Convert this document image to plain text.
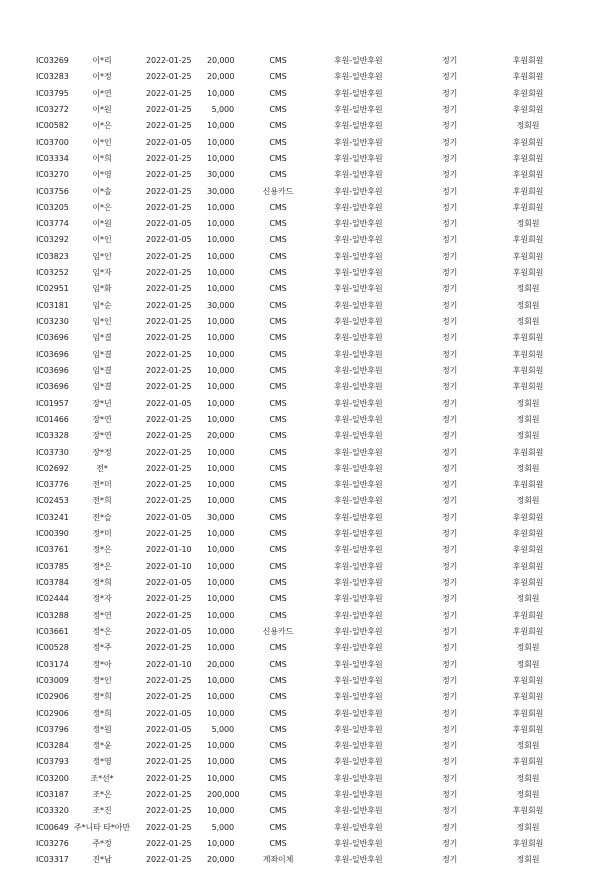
IC03269	이*리	2022-01-25 20,000	CMS	후원-일반후원	정기	후원회원
IC03283	이*정	2022-01-25 20,000	CMS	후원-일반후원	정기	후원회원
IC03795	이*연	2022-01-25 10,000	CMS	후원-일반후원	정기	후원회원
IC03272	이*원	2022-01-25	5,000	CMS	후원-일반후원	정기	후원회원
IC00582	이*은	2022-01-25 10,000	CMS	후원-일반후원	정기	정회원
IC03700	이*인	2022-01-05 10,000	CMS	후원-일반후원	정기	후원회원
IC03334	이*희	2022-01-25 10,000	CMS	후원-일반후원	정기	후원회원
IC03270	이*영	2022-01-25 30,000	CMS	후원-일반후원	정기	후원회원
IC03756	이*솔	2022-01-25 30,000	신용카드	후원-일반후원	정기	후원회원
IC03205	이*은	2022-01-25 10,000	CMS	후원-일반후원	정기	후원회원
IC03774	이*원	2022-01-05 10,000	CMS	후원-일반후원	정기	정회원
IC03292	이*인	2022-01-05 10,000	CMS	후원-일반후원	정기	후원회원
IC03823	임*인	2022-01-25 10,000	CMS	후원-일반후원	정기	후원회원
IC03252	임*자	2022-01-25 10,000	CMS	후원-일반후원	정기	후원회원
IC02951	임*화	2022-01-25 10,000	CMS	후원-일반후원	정기	정회원
IC03181	임*순	2022-01-25 30,000	CMS	후원-일반후원	정기	정회원
IC03230	임*인	2022-01-25 10,000	CMS	후원-일반후원	정기	정회원
IC03696	임*결	2022-01-25 10,000	CMS	후원-일반후원	정기	후원회원
IC03696	임*결	2022-01-25 10,000	CMS	후원-일반후원	정기	후원회원
IC03696	임*결	2022-01-25 10,000	CMS	후원-일반후원	정기	후원회원
IC03696	임*결	2022-01-25 10,000	CMS	후원-일반후원	정기	후원회원
IC01957	장*년	2022-01-05 10,000	CMS	후원-일반후원	정기	정회원
IC01466	장*연	2022-01-25 10,000	CMS	후원-일반후원	정기	정회원
IC03328	장*연	2022-01-25 20,000	CMS	후원-일반후원	정기	정회원
IC03730	장*정	2022-01-25 10,000	CMS	후원-일반후원	정기	후원회원
IC02692	전*	2022-01-25 10,000	CMS	후원-일반후원	정기	정회원
IC03776	전*미	2022-01-25 10,000	CMS	후원-일반후원	정기	후원회원
IC02453	전*희	2022-01-25 10,000	CMS	후원-일반후원	정기	정회원
IC03241	전*슬	2022-01-05 30,000	CMS	후원-일반후원	정기	후원회원
IC00390	정*미	2022-01-25 10,000	CMS	후원-일반후원	정기	후원회원
IC03761	정*은	2022-01-10 10,000	CMS	후원-일반후원	정기	후원회원
IC03785	정*은	2022-01-10 10,000	CMS	후원-일반후원	정기	후원회원
IC03784	정*희	2022-01-05 10,000	CMS	후원-일반후원	정기	후원회원
IC02444	정*자	2022-01-25 10,000	CMS	후원-일반후원	정기	정회원
IC03288	정*연	2022-01-25 10,000	CMS	후원-일반후원	정기	후원회원
IC03661	정*은	2022-01-05 10,000	신용카드	후원-일반후원	정기	후원회원
IC00528	정*주	2022-01-25 10,000	CMS	후원-일반후원	정기	정회원
IC03174	정*아	2022-01-10 20,000	CMS	후원-일반후원	정기	정회원
IC03009	정*인	2022-01-25 10,000	CMS	후원-일반후원	정기	후원회원
IC02906	정*희	2022-01-25 10,000	CMS	후원-일반후원	정기	후원회원
IC02906	정*희	2022-01-05 10,000	CMS	후원-일반후원	정기	후원회원
IC03796	정*원	2022-01-05	5,000	CMS	후원-일반후원	정기	후원회원
IC03284	정*윤	2022-01-25 10,000	CMS	후원-일반후원	정기	정회원
IC03793	정*영	2022-01-25 10,000	CMS	후원-일반후원	정기	후원회원
IC03200	조*선*	2022-01-25 10,000	CMS	후원-일반후원	정기	정회원
IC03187	조*은	2022-01-25 200,000	CMS	후원-일반후원	정기	정회원
IC03320	조*진	2022-01-25 10,000	CMS	후원-일반후원	정기	후원회원
IC00649 주*니타 타*아만 2022-01-25	5,000	CMS	후원-일반후원	정기	정회원
IC03276	주*정	2022-01-25 10,000	CMS	후원-일반후원	정기	후원회원
IC03317	진*남	2022-01-25 20,000	계좌이체	후원-일반후원	정기	정회원
